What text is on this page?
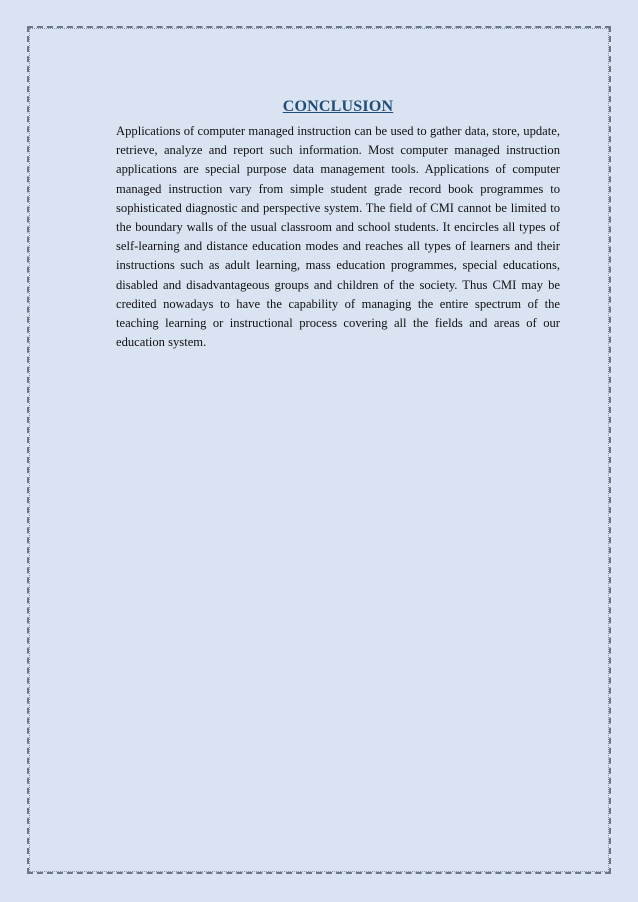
CONCLUSION

Applications of computer managed instruction can be used to gather data, store, update, retrieve, analyze and report such information. Most computer managed instruction applications are special purpose data management tools. Applications of computer managed instruction vary from simple student grade record book programmes to sophisticated diagnostic and perspective system. The field of CMI cannot be limited to the boundary walls of the usual classroom and school students. It encircles all types of self-learning and distance education modes and reaches all types of learners and their instructions such as adult learning, mass education programmes, special educations, disabled and disadvantageous groups and children of the society. Thus CMI may be credited nowadays to have the capability of managing the entire spectrum of the teaching learning or instructional process covering all the fields and areas of our education system.
